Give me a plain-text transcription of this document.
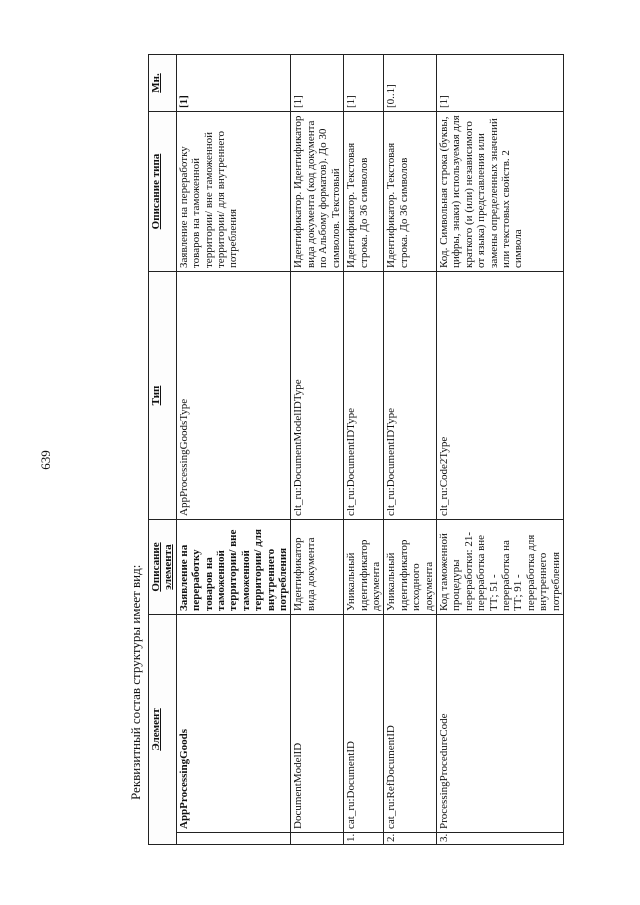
639
Реквизитный состав структуры имеет вид: Элемент		Описание элемента	Тип	Описание типа	Мн.
	AppProcessingGoods	Заявление на переработку товаров на таможенной территории/ вне таможенной территории/ для внутреннего потребления	AppProcessingGoodsType	Заявление на переработку товаров на таможенной территории/ вне таможенной территории/ для внутреннего потребления	[1]
	DocumentModelID	Идентификатор вида документа	clt_ru:DocumentModelIDType	Идентификатор. Идентификатор вида документа (код документа по Альбому форматов). До 30 символов. Текстовый	[1]
1.	cat_ru:DocumentID	Уникальный идентификатор документа	clt_ru:DocumentIDType	Идентификатор. Текстовая строка. До 36 символов	[1]
2.	cat_ru:RefDocumentID	Уникальный идентификатор исходного документа	clt_ru:DocumentIDType	Идентификатор. Текстовая строка. До 36 символов	[0..1]
3.	ProcessingProcedureCode	Код таможенной процедуры переработки: 21- переработка вне ТТ; 51 - переработка на ТТ; 91 - переработка для внутреннего потребления	clt_ru:Code2Type	Код. Символьная строка (буквы, цифры, знаки) используемая для краткого (и (или) независимого от языка) представления или замены определенных значений или текстовых свойств. 2 символа	[1]
